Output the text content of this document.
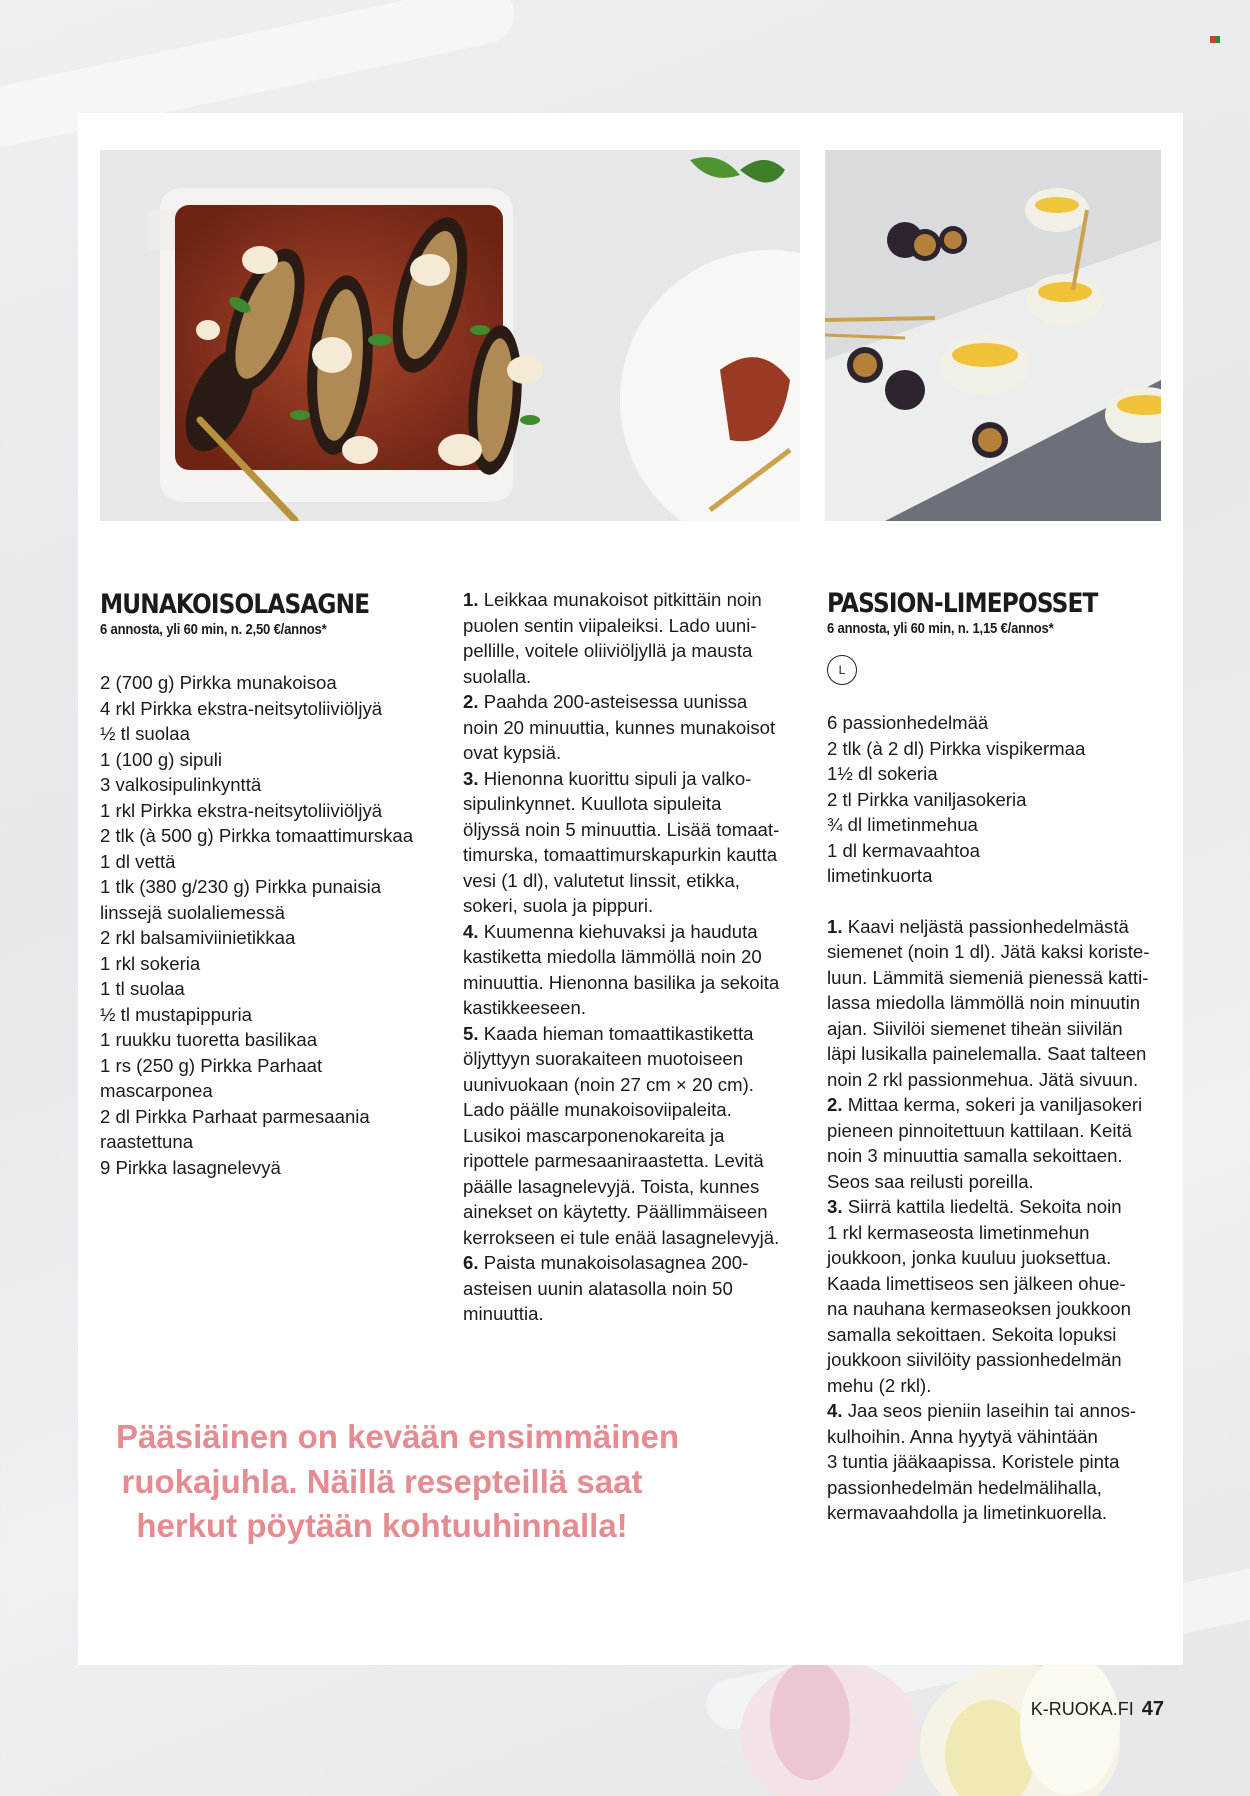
MUNAKOISOLASAGNE

6 annosta, yli 60 min, n. 2,50 €/annos*

2 (700 g) Pirkka munakoisoa
4 rkl Pirkka ekstra-neitsytoliiviöljyä
½ tl suolaa
1 (100 g) sipuli
3 valkosipulinkynttä
1 rkl Pirkka ekstra-neitsytoliiviöljyä
2 tlk (à 500 g) Pirkka tomaattimurskaa
1 dl vettä
1 tlk (380 g/230 g) Pirkka punaisia
linssejä suolaliemessä
2 rkl balsamiviinietikkaa
1 rkl sokeria
1 tl suolaa
½ tl mustapippuria
1 ruukku tuoretta basilikaa
1 rs (250 g) Pirkka Parhaat
mascarponea
2 dl Pirkka Parhaat parmesaania
raastettuna
9 Pirkka lasagnelevyä
1. Leikkaa munakoisot pitkittäin noin
puolen sentin viipaleiksi. Lado uuni-
pellille, voitele oliiviöljyllä ja mausta
suolalla.
2. Paahda 200-asteisessa uunissa
noin 20 minuuttia, kunnes munakoisot
ovat kypsiä.
3. Hienonna kuorittu sipuli ja valko-
sipulinkynnet. Kuullota sipuleita
öljyssä noin 5 minuuttia. Lisää tomaat-
timurska, tomaattimurskapurkin kautta
vesi (1 dl), valutetut linssit, etikka,
sokeri, suola ja pippuri.
4. Kuumenna kiehuvaksi ja hauduta
kastiketta miedolla lämmöllä noin 20
minuuttia. Hienonna basilika ja sekoita
kastikkeeseen.
5. Kaada hieman tomaattikastiketta
öljyttyyn suorakaiteen muotoiseen
uunivuokaan (noin 27 cm × 20 cm).
Lado päälle munakoisoviipaleita.
Lusikoi mascarponenokareita ja
ripottele parmesaaniraastetta. Levitä
päälle lasagnelevyjä. Toista, kunnes
ainekset on käytetty. Päällimmäiseen
kerrokseen ei tule enää lasagnelevyjä.
6. Paista munakoisolasagnea 200-
asteisen uunin alatasolla noin 50
minuuttia.
Pääsiäinen on kevään ensimmäinen
ruokajuhla. Näillä resepteillä saat
herkut pöytään kohtuuhinnalla!

PASSION-LIMEPOSSET

6 annosta, yli 60 min, n. 1,15 €/annos*

L
6 passionhedelmää
2 tlk (à 2 dl) Pirkka vispikermaa
1½ dl sokeria
2 tl Pirkka vaniljasokeria
¾ dl limetinmehua
1 dl kermavaahtoa
limetinkuorta
1. Kaavi neljästä passionhedelmästä
siemenet (noin 1 dl). Jätä kaksi koriste-
luun. Lämmitä siemeniä pienessä katti-
lassa miedolla lämmöllä noin minuutin
ajan. Siivilöi siemenet tiheän siivilän
läpi lusikalla painelemalla. Saat talteen
noin 2 rkl passionmehua. Jätä sivuun.
2. Mittaa kerma, sokeri ja vaniljasokeri
pieneen pinnoitettuun kattilaan. Keitä
noin 3 minuuttia samalla sekoittaen.
Seos saa reilusti poreilla.
3. Siirrä kattila liedeltä. Sekoita noin
1 rkl kermaseosta limetinmehun
joukkoon, jonka kuuluu juoksettua.
Kaada limettiseos sen jälkeen ohue-
na nauhana kermaseoksen joukkoon
samalla sekoittaen. Sekoita lopuksi
joukkoon siivilöity passionhedelmän
mehu (2 rkl).
4. Jaa seos pieniin laseihin tai annos-
kulhoihin. Anna hyytyä vähintään
3 tuntia jääkaapissa. Koristele pinta
passionhedelmän hedelmälihalla,
kermavaahdolla ja limetinkuorella.
K-RUOKA.FI 47
